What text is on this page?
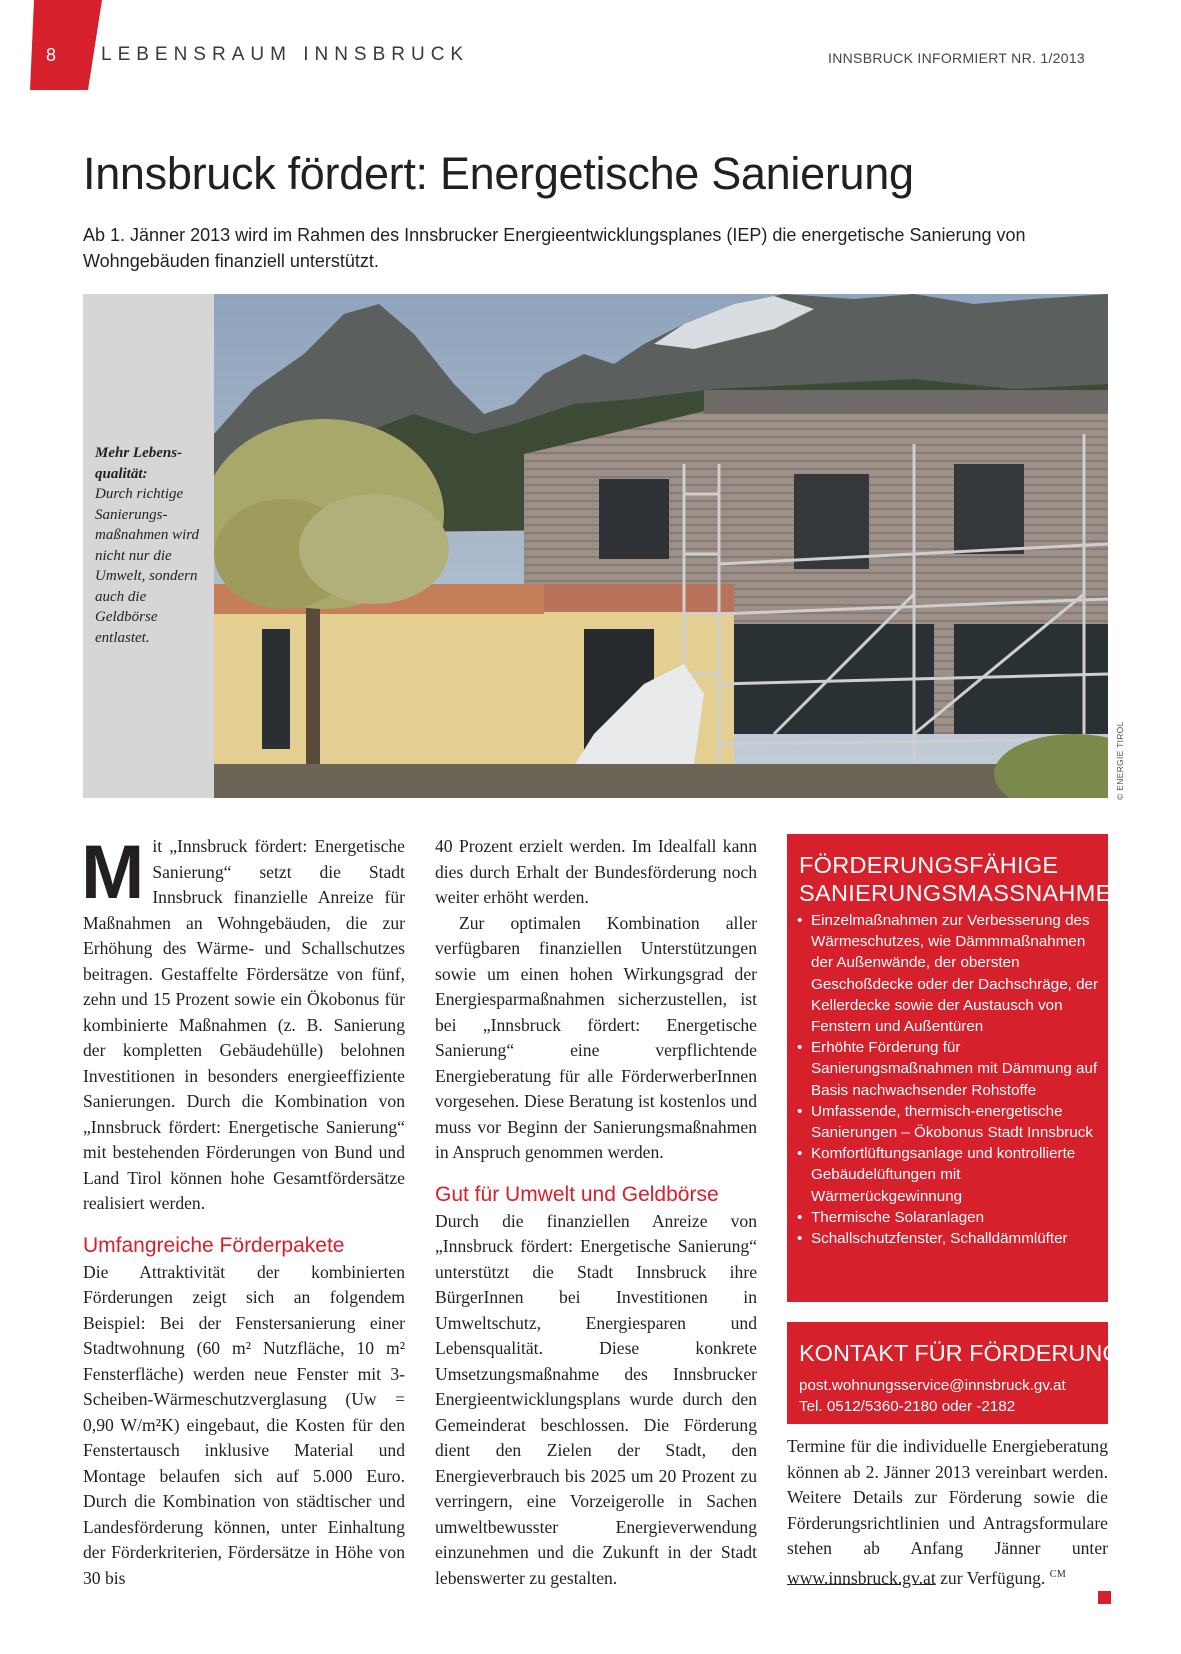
8 LEBENSRAUM INNSBRUCK	INNSBRUCK INFORMIERT NR. 1/2013
Innsbruck fördert: Energetische Sanierung

Ab 1. Jänner 2013 wird im Rahmen des Innsbrucker Energieentwicklungsplanes (IEP) die energetische Sanierung von Wohngebäuden finanziell unterstützt.

Mehr Lebens-qualität:
Durch richtige Sanierungs-maßnahmen wird nicht nur die Umwelt, sondern auch die Geldbörse entlastet.

© ENERGIE TIROL
M it „Innsbruck fördert: Energetische Sanierung“ setzt die Stadt Innsbruck finanzielle Anreize für Maßnahmen an Wohngebäuden, die zur Erhöhung des Wärme- und Schallschutzes beitragen. Gestaffelte Fördersätze von fünf, zehn und 15 Prozent sowie ein Ökobonus für kombinierte Maßnahmen (z. B. Sanierung der kompletten Gebäudehülle) belohnen Investitionen in besonders energieeffiziente Sanierungen. Durch die Kombination von „Innsbruck fördert: Energetische Sanierung“ mit bestehenden Förderungen von Bund und Land Tirol können hohe Gesamtfördersätze realisiert werden.

Umfangreiche Förderpakete

Die Attraktivität der kombinierten Förderungen zeigt sich an folgendem Beispiel: Bei der Fenstersanierung einer Stadtwohnung (60 m² Nutzfläche, 10 m² Fensterfläche) werden neue Fenster mit 3-Scheiben-Wärmeschutzverglasung (Uw = 0,90 W/m²K) eingebaut, die Kosten für den Fenstertausch inklusive Material und Montage belaufen sich auf 5.000 Euro. Durch die Kombination von städtischer und Landesförderung können, unter Einhaltung der Förderkriterien, Fördersätze in Höhe von 30 bis

40 Prozent erzielt werden. Im Idealfall kann dies durch Erhalt der Bundesförderung noch weiter erhöht werden.

Zur optimalen Kombination aller verfügbaren finanziellen Unterstützungen sowie um einen hohen Wirkungsgrad der Energiesparmaßnahmen sicherzustellen, ist bei „Innsbruck fördert: Energetische Sanierung“ eine verpflichtende Energieberatung für alle FörderwerberInnen vorgesehen. Diese Beratung ist kostenlos und muss vor Beginn der Sanierungsmaßnahmen in Anspruch genommen werden.

Gut für Umwelt und Geldbörse

Durch die finanziellen Anreize von „Innsbruck fördert: Energetische Sanierung“ unterstützt die Stadt Innsbruck ihre BürgerInnen bei Investitionen in Umweltschutz, Energiesparen und Lebensqualität. Diese konkrete Umsetzungsmaßnahme des Innsbrucker Energieentwicklungsplans wurde durch den Gemeinderat beschlossen. Die Förderung dient den Zielen der Stadt, den Energieverbrauch bis 2025 um 20 Prozent zu verringern, eine Vorzeigerolle in Sachen umweltbewusster Energieverwendung einzunehmen und die Zukunft in der Stadt lebenswerter zu gestalten.

FÖRDERUNGSFÄHIGE SANIERUNGSMASSNAHMEN
• Einzelmaßnahmen zur Verbesserung des Wärmeschutzes, wie Dämmmaßnahmen der Außenwände, der obersten Geschoßdecke oder der Dachschräge, der Kellerdecke sowie der Austausch von Fenstern und Außentüren
• Erhöhte Förderung für Sanierungsmaßnahmen mit Dämmung auf Basis nachwachsender Rohstoffe
• Umfassende, thermisch-energetische Sanierungen – Ökobonus Stadt Innsbruck
• Komfortlüftungsanlage und kontrollierte Gebäudelüftungen mit Wärmerückgewinnung
• Thermische Solaranlagen
• Schallschutzfenster, Schalldämmlüfter
KONTAKT FÜR FÖRDERUNG
post.wohnungsservice@innsbruck.gv.at
Tel. 0512/5360-2180 oder -2182

Termine für die individuelle Energieberatung können ab 2. Jänner 2013 vereinbart werden. Weitere Details zur Förderung sowie die Förderungsrichtlinien und Antragsformulare stehen ab Anfang Jänner unter www.innsbruck.gv.at zur Verfügung. $^{CM}$
